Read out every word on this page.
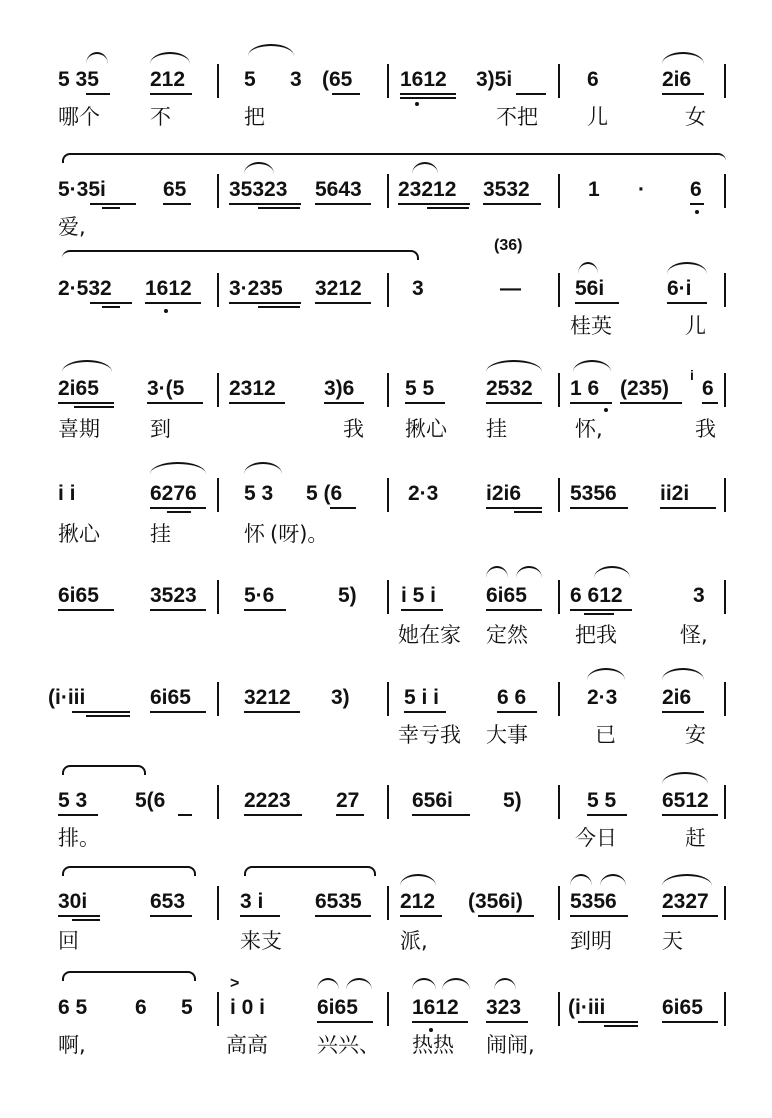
5 35 212	5 3 (65 1612 3)5i	6	2i6
哪个 不	把	不把 儿	女
5·35i	65 35323 5643 23212 3532	1 · 6
爱,
(36)
2·532 1612 3·235 3212 3	—	56i	6·i
桂英	儿
2i65 3·(5 2312 3)6 5 5 2532 1 6 (235)
i
6
喜期 到	我 揪心 挂	怀,	我
i i	6276 5 3 5 (6	2·3 i2i6 5356 ii2i
揪心 挂	怀 (呀)。
6i65 3523 5·6	5) i 5 i 6i65 6 612	3
她在家 定然 把我	怪,
(i·iii	6i65	3212 3)	5 i i	6 6	2·3 2i6
幸亏我 大事	已	安
5 3 5(6	2223 27	656i 5)	5 5 6512
排。	今日	赶
30i	653	3 i 6535 212 (356i) 5356 2327
回	来支	派,	到明 天
6 5 6 5
>
i 0 i 6i65	1612 323 (i·iii	6i65
啊,	高高 兴兴、 热热 闹闹,
